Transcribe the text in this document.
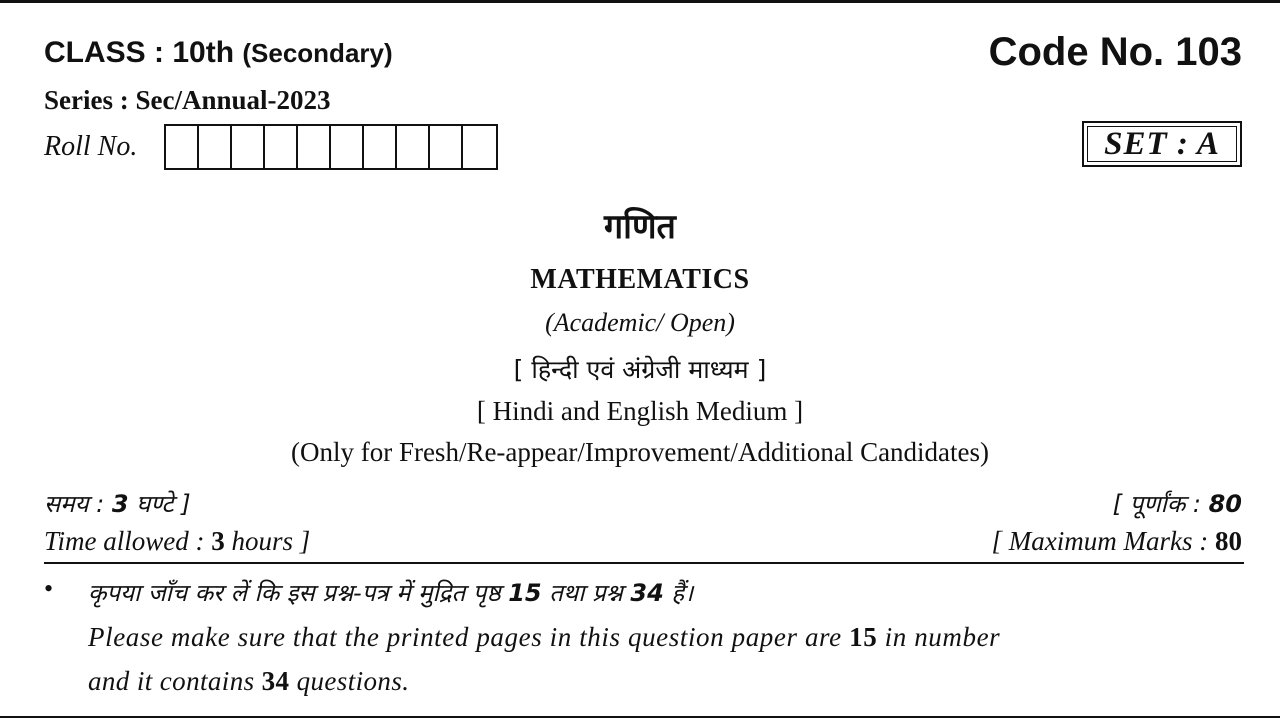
CLASS : 10th (Secondary)	Code No. 103
Series : Sec/Annual-2023
Roll No.	SET : A
गणित
MATHEMATICS
(Academic/ Open)
[ हिन्दी एवं अंग्रेजी माध्यम ]
[ Hindi and English Medium ]
(Only for Fresh/Re-appear/Improvement/Additional Candidates)
समय : 3 घण्टे ]	[ पूर्णांक : 80
Time allowed : 3 hours ]	[ Maximum Marks : 80
• कृपया जाँच कर लें कि इस प्रश्न-पत्र में मुद्रित पृष्ठ 15 तथा प्रश्न 34 हैं।
Please make sure that the printed pages in this question paper are 15 in number
and it contains 34 questions.
